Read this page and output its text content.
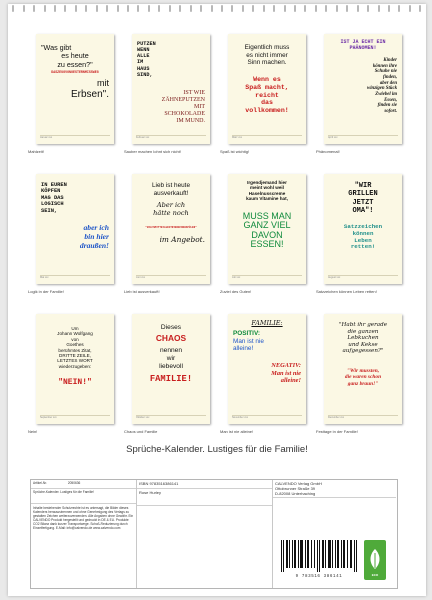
"Was gibt
es heute
zu essen?"
DASZEUGVONGESTERNMISSWEG
mit
Erbsen".
Januar xxx
Mahlzeit!
PUTZEN
WENN
ALLE
IM
HAUS
SIND,
IST WIE
ZÄHNEPUTZEN
MIT
SCHOKOLADE
IM MUND.
Februar xxx
Sauber machen lohnt sich nicht!
Eigentlich muss
es nicht immer
Sinn machen.
Wenn es
Spaß macht,
reicht
das
vollkommen!
März xxx
Spaß ist wichtig!
IST JA ECHT EIN
PHÄNOMEN!
Kinder
können ihre
Schuhe nie
finden,
aber den
winzigen Stück
Zwiebel im
Essen,
finden sie
sofort.
April xxx
Phänomenal!
IN EUREN
KÖPFEN
MAG DAS
LOGISCH
SEIN,
aber ich
bin hier
draußen!
Mai xxx
Logik in der Familie!
Lieb ist heute
ausverkauft!
Aber ich
hätte noch
"HILFSMITTEILGESTRIEDEFROHSPÜLEN"
im Angebot.
Juni xxx
Lieb ist ausverkauft!
Irgendjemand hier
meint wohl weil
Haselnusscreme
kaum Vitamine hat,
MUSS MAN
GANZ VIEL
DAVON
ESSEN!
Juli xxx
Zuviel des Guten!
"WIR
GRILLEN
JETZT
OMA"!
Satzzeichen
können
Leben
retten!
August xxx
Satzzeichen können Leben retten!
Um
Johann Wolfgang
von
Goethes
berühmtes Zitat,
DRITTE ZEILE,
LETZTES WORT
wiederzugeben:
"NEIN!"
September xxx
Nein!
Dieses
CHAOS
nennen
wir
liebevoll
FAMILIE!
Oktober xxx
Chaos und Familie
FAMILIE:
POSITIV:
Man ist nie
alleine!
NEGATIV:
Man ist nie
alleine!
November xxx
Man ist nie alleine!
"Habt ihr gerade
die ganzen
Lebkuchen
und Kekse
aufgegessen?"
"Wir mussten,
die waren schon
ganz braun!"
Dezember xxx
Festtage in der Familie!
Sprüche-Kalender. Lustiges für die Familie!
Artikel-Nr.	2050636
Sprüche-Kalender. Lustiges für die Familie!
Inhalte bestehender Schutzrechte ist es untersagt, die Bilder dieses Kalenders herauszutrennen und ohne Genehmigung des Verlags zu gestalten Zeichen weiterzuverwenden. Alle Angaben ohne Gewähr. Ein CALVENDO Produkt hergestellt und gedruckt in DE & EU. Produkte CO2 Bilanz dank kurzer Transportwege. Schoß-Reduzierung durch Einzelfertigung. E-Mail: info@calvendo.de www.calvendo.com
ISBN 9783516386141
Rose Hurley
CALVENDO Verlag GmbH
Ottobrunner Straße 39
D-82008 Unterhaching
9 783516 386141	ECO
